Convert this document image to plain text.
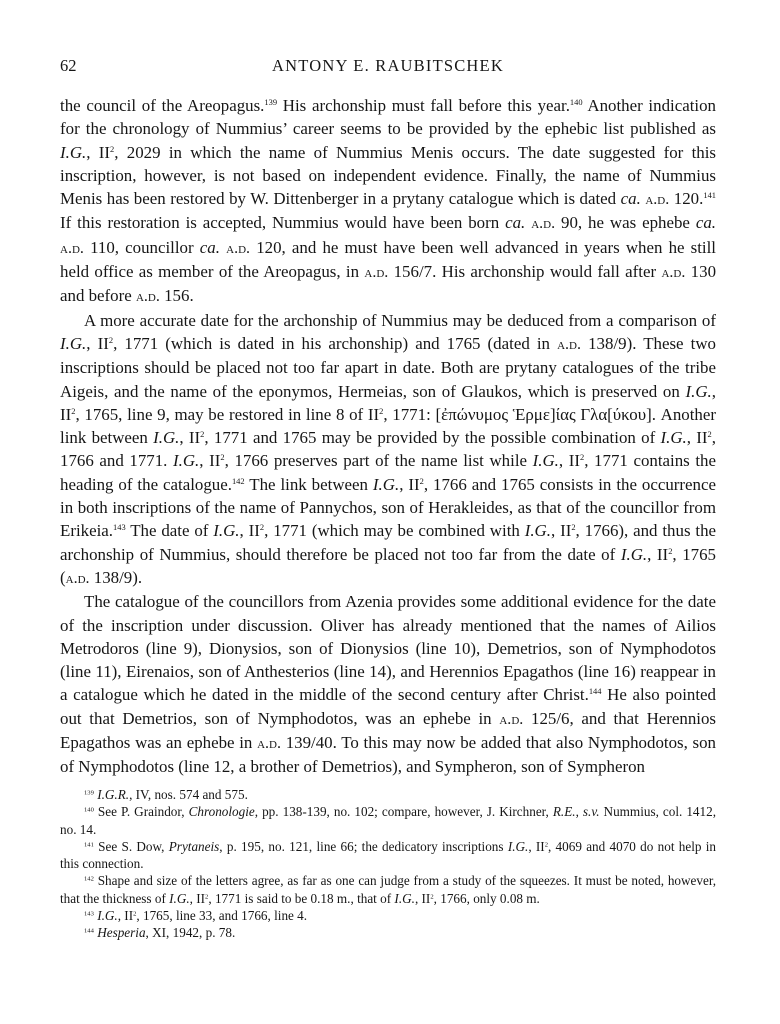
62	ANTONY E. RAUBITSCHEK

the council of the Areopagus.$^{139}$ His archonship must fall before this year.$^{140}$ Another indication for the chronology of Nummius’ career seems to be provided by the ephebic list published as I.G., $II^2$, 2029 in which the name of Nummius Menis occurs. The date suggested for this inscription, however, is not based on independent evidence. Finally, the name of Nummius Menis has been restored by W. Dittenberger in a prytany catalogue which is dated ca. a.d. 120.$^{141}$ If this restoration is accepted, Nummius would have been born ca. a.d. 90, he was ephebe ca. a.d. 110, councillor ca. a.d. 120, and he must have been well advanced in years when he still held office as member of the Areopagus, in a.d. 156/7. His archonship would fall after a.d. 130 and before a.d. 156.

A more accurate date for the archonship of Nummius may be deduced from a comparison of I.G., $II^2$, 1771 (which is dated in his archonship) and 1765 (dated in a.d. 138/9). These two inscriptions should be placed not too far apart in date. Both are prytany catalogues of the tribe Aigeis, and the name of the eponymos, Hermeias, son of Glaukos, which is preserved on I.G., $II^2$, 1765, line 9, may be restored in line 8 of $II^2$, 1771: [ἐπώνυμος Ἑρμε]ίας Γλα[ύκου]. Another link between I.G., $II^2$, 1771 and 1765 may be provided by the possible combination of I.G., $II^2$, 1766 and 1771. I.G., $II^2$, 1766 preserves part of the name list while I.G., $II^2$, 1771 contains the heading of the catalogue.$^{142}$ The link between I.G., $II^2$, 1766 and 1765 consists in the occurrence in both inscriptions of the name of Pannychos, son of Herakleides, as that of the councillor from Erikeia.$^{143}$ The date of I.G., $II^2$, 1771 (which may be combined with I.G., $II^2$, 1766), and thus the archonship of Nummius, should therefore be placed not too far from the date of I.G., $II^2$, 1765 (a.d. 138/9).

The catalogue of the councillors from Azenia provides some additional evidence for the date of the inscription under discussion. Oliver has already mentioned that the names of Ailios Metrodoros (line 9), Dionysios, son of Dionysios (line 10), Demetrios, son of Nymphodotos (line 11), Eirenaios, son of Anthesterios (line 14), and Herennios Epagathos (line 16) reappear in a catalogue which he dated in the middle of the second century after Christ.$^{144}$ He also pointed out that Demetrios, son of Nymphodotos, was an ephebe in a.d. 125/6, and that Herennios Epagathos was an ephebe in a.d. 139/40. To this may now be added that also Nymphodotos, son of Nymphodotos (line 12, a brother of Demetrios), and Sympheron, son of Sympheron

$^{139}$ I.G.R., IV, nos. 574 and 575.

$^{140}$ See P. Graindor, Chronologie, pp. 138-139, no. 102; compare, however, J. Kirchner, R.E., s.v. Nummius, col. 1412, no. 14.

$^{141}$ See S. Dow, Prytaneis, p. 195, no. 121, line 66; the dedicatory inscriptions I.G., $II^2$, 4069 and 4070 do not help in this connection.

$^{142}$ Shape and size of the letters agree, as far as one can judge from a study of the squeezes. It must be noted, however, that the thickness of I.G., $II^2$, 1771 is said to be 0.18 m., that of I.G., $II^2$, 1766, only 0.08 m.

$^{143}$ I.G., $II^2$, 1765, line 33, and 1766, line 4.

$^{144}$ Hesperia, XI, 1942, p. 78.
